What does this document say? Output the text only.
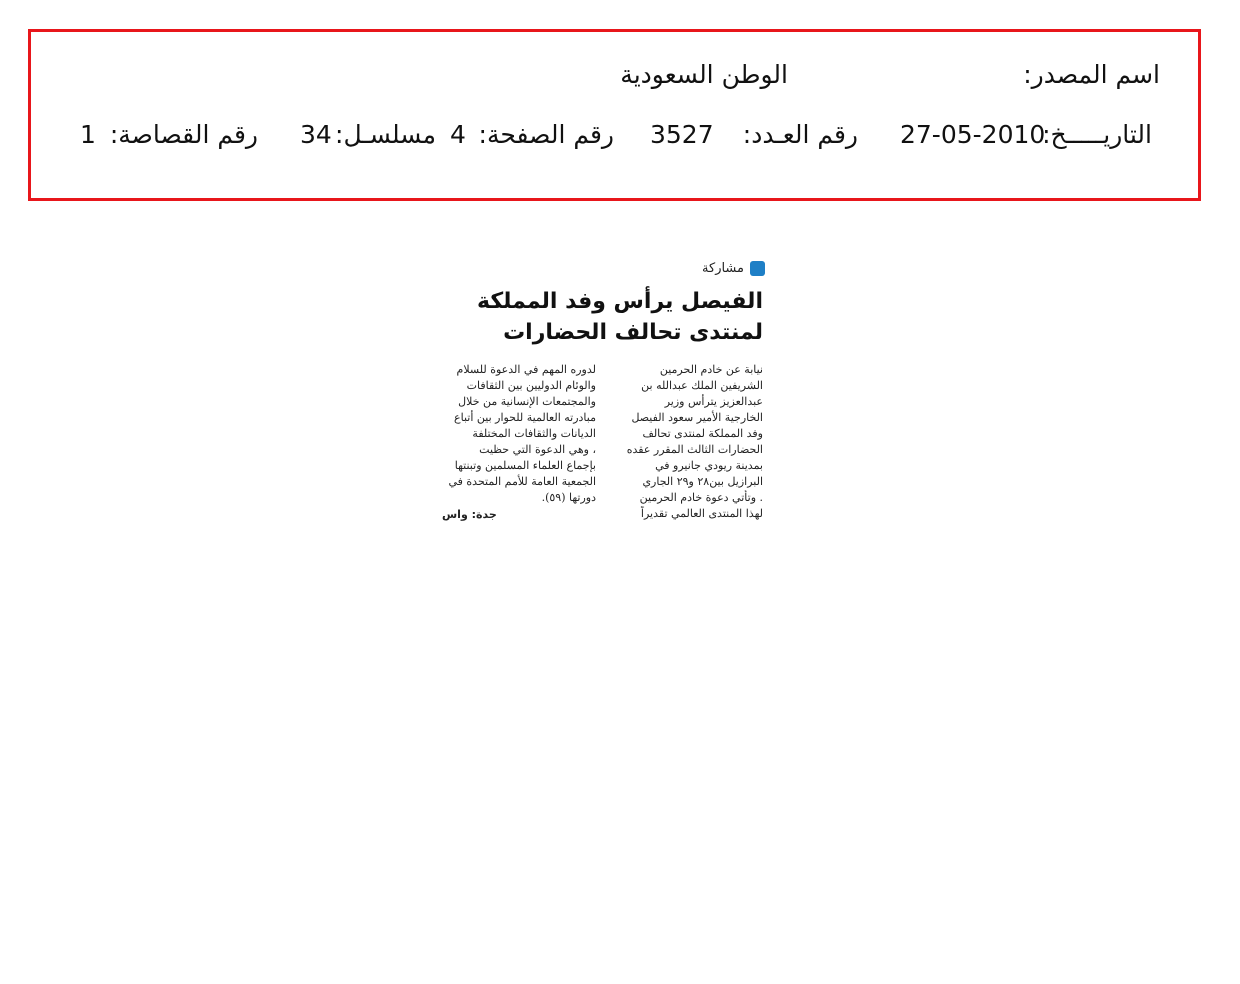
اسم المصدر:
الوطن السعودية
التاريـــــخ:
27-05-2010
رقم العـدد:
3527
رقم الصفحة:
4
مسلسـل:
34
رقم القصاصة:
1
مشاركة
الفيصل يرأس وفد المملكة
لمنتدى تحالف الحضارات
نيابة عن خادم الحرمين
الشريفين الملك عبدالله بن
عبدالعزيز يترأس وزير
الخارجية الأمير سعود الفيصل
وفد المملكة لمنتدى تحالف
الحضارات الثالث المقرر عقده
بمدينة ريودي جانيرو في
البرازيل بين٢٨ و٢٩ الجاري
. وتأتي دعوة خادم الحرمين
لهذا المنتدى العالمي تقديراً
لدوره المهم في الدعوة للسلام
والوئام الدوليين بين الثقافات
والمجتمعات الإنسانية من خلال
مبادرته العالمية للحوار بين أتباع
الديانات والثقافات المختلفة
، وهي الدعوة التي حظيت
بإجماع العلماء المسلمين وتبنتها
الجمعية العامة للأمم المتحدة في
دورتها (٥٩).
جدة: واس
